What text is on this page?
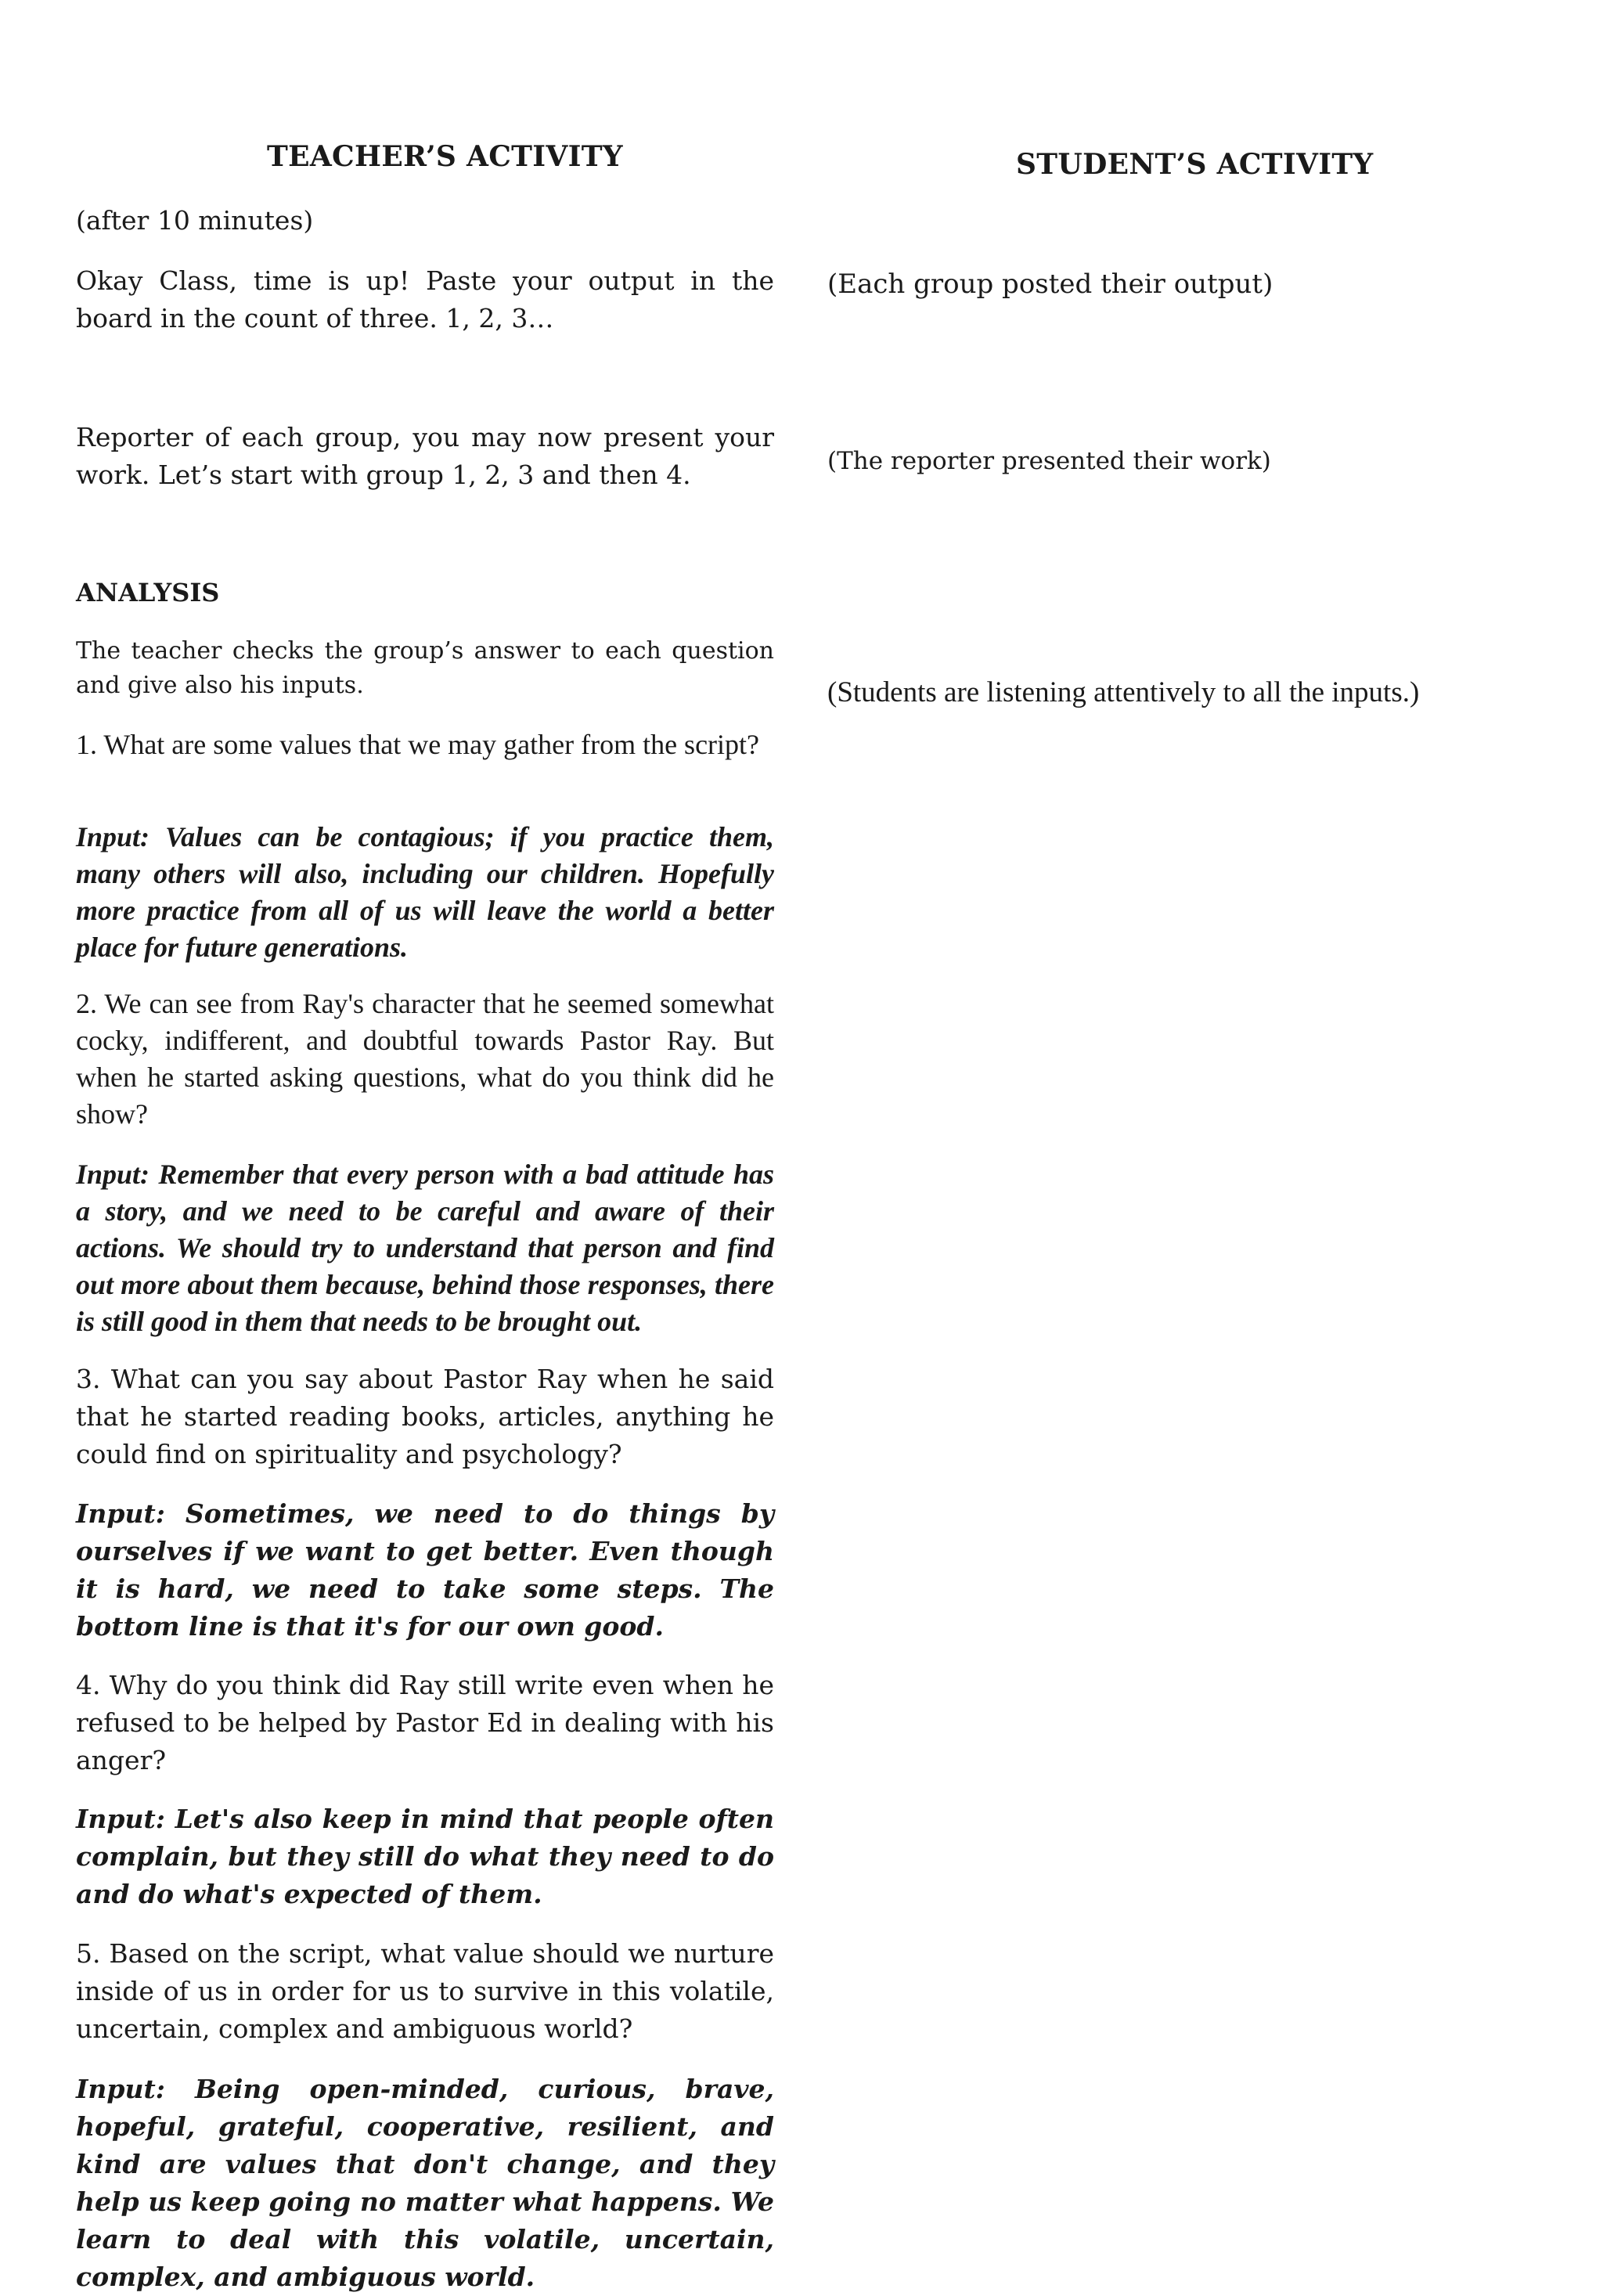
TEACHER’S ACTIVITY	STUDENT’S ACTIVITY

(after 10 minutes)

Okay Class, time is up! Paste your output in the board in the count of three. 1, 2, 3…

Reporter of each group, you may now present your work. Let’s start with group 1, 2, 3 and then 4.

ANALYSIS

The teacher checks the group’s answer to each question and give also his inputs.

1. What are some values that we may gather from the script?

Input: Values can be contagious; if you practice them, many others will also, including our children. Hopefully more practice from all of us will leave the world a better place for future generations.

2. We can see from Ray's character that he seemed somewhat cocky, indifferent, and doubtful towards Pastor Ray. But when he started asking questions, what do you think did he show?

Input: Remember that every person with a bad attitude has a story, and we need to be careful and aware of their actions. We should try to understand that person and find out more about them because, behind those responses, there is still good in them that needs to be brought out.

3. What can you say about Pastor Ray when he said that he started reading books, articles, anything he could find on spirituality and psychology?

Input: Sometimes, we need to do things by ourselves if we want to get better. Even though it is hard, we need to take some steps. The bottom line is that it's for our own good.

4. Why do you think did Ray still write even when he refused to be helped by Pastor Ed in dealing with his anger?

Input: Let's also keep in mind that people often complain, but they still do what they need to do and do what's expected of them.

5. Based on the script, what value should we nurture inside of us in order for us to survive in this volatile, uncertain, complex and ambiguous world?

Input: Being open-minded, curious, brave, hopeful, grateful, cooperative, resilient, and kind are values that don't change, and they help us keep going no matter what happens. We learn to deal with this volatile, uncertain, complex, and ambiguous world.

(Each group posted their output)

(The reporter presented their work)

(Students are listening attentively to all the inputs.)
